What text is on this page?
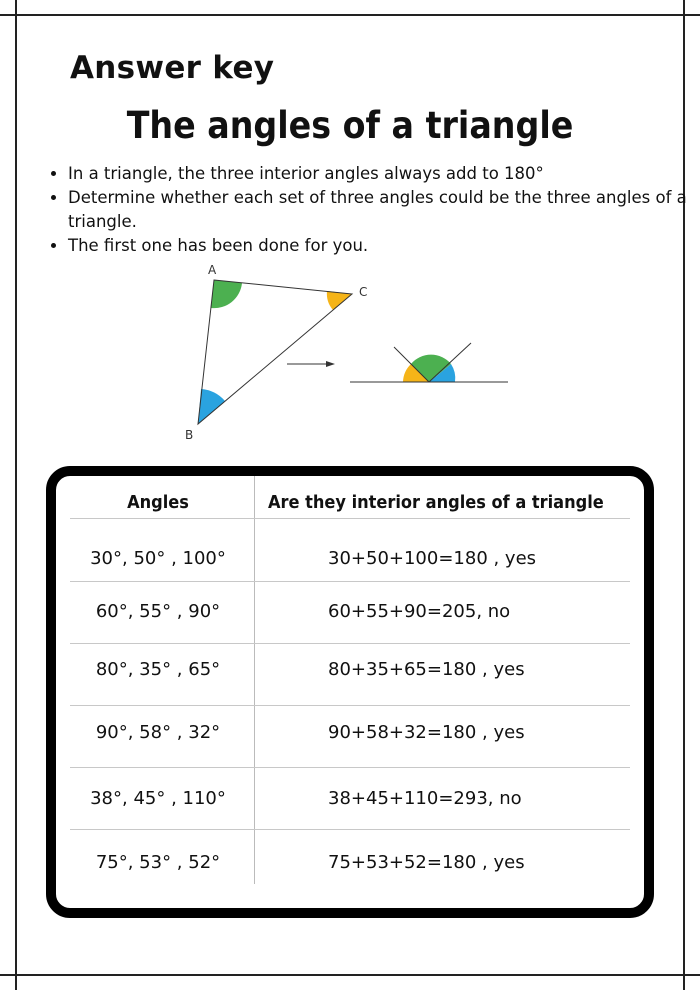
Answer key
The angles of a triangle
• In a triangle, the three interior angles always add to 180°
• Determine whether each set of three angles could be the three angles of a triangle.
• The first one has been done for you.
A
C
B
Angles	Are they interior angles of a triangle
30°, 50° , 100°	30+50+100=180 , yes
60°, 55° , 90°	60+55+90=205, no
80°, 35° , 65°	80+35+65=180 , yes
90°, 58° , 32°	90+58+32=180 , yes
38°, 45° , 110°	38+45+110=293, no
75°, 53° , 52°	75+53+52=180 , yes
